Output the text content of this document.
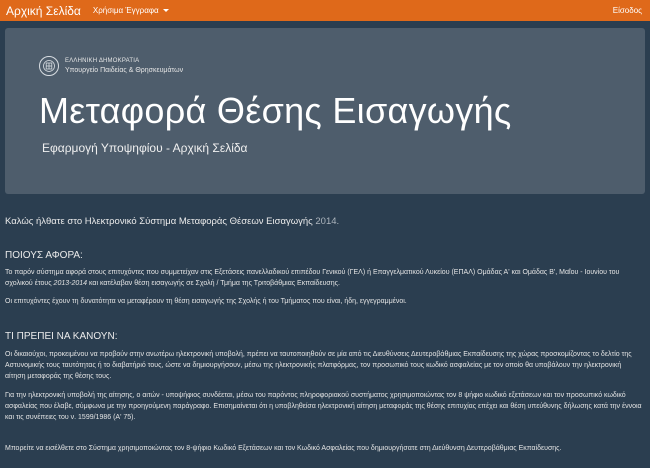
Αρχική Σελίδα Χρήσιμα Έγγραφα	Είσοδος
ΕΛΛΗΝΙΚΗ ΔΗΜΟΚΡΑΤΙΑ
Υπουργείο Παιδείας & Θρησκευμάτων
Μεταφορά Θέσης Εισαγωγής
Εφαρμογή Υποψηφίου - Αρχική Σελίδα
Καλώς ήλθατε στο Ηλεκτρονικό Σύστημα Μεταφοράς Θέσεων Εισαγωγής 2014.
ΠΟΙΟΥΣ ΑΦΟΡΑ:
Το παρόν σύστημα αφορά στους επιτυχόντες που συμμετείχαν στις Εξετάσεις πανελλαδικού επιπέδου Γενικού (ΓΕΛ) ή Επαγγελματικού Λυκείου (ΕΠΑΛ) Ομάδας Α' και Ομάδας Β', Μαΐου - Ιουνίου του σχολικού έτους 2013-2014 και κατέλαβαν θέση εισαγωγής σε Σχολή / Τμήμα της Τριτοβάθμιας Εκπαίδευσης.
Οι επιτυχόντες έχουν τη δυνατότητα να μεταφέρουν τη θέση εισαγωγής της Σχολής ή του Τμήματος που είναι, ήδη, εγγεγραμμένοι.
ΤΙ ΠΡΕΠΕΙ ΝΑ ΚΑΝΟΥΝ:
Οι δικαιούχοι, προκειμένου να προβούν στην ανωτέρω ηλεκτρονική υποβολή, πρέπει να ταυτοποιηθούν σε μία από τις Διευθύνσεις Δευτεροβάθμιας Εκπαίδευσης της χώρας προσκομίζοντας το δελτίο της Αστυνομικής τους ταυτότητας ή το διαβατήριό τους, ώστε να δημιουργήσουν, μέσω της ηλεκτρονικής πλατφόρμας, τον προσωπικό τους κωδικό ασφαλείας με τον οποίο θα υποβάλουν την ηλεκτρονική αίτηση μεταφοράς της θέσης τους.
Για την ηλεκτρονική υποβολή της αίτησης, ο αιτών - υποψήφιος συνδέεται, μέσω του παρόντος πληροφοριακού συστήματος χρησιμοποιώντας τον 8 ψήφιο κωδικό εξετάσεων και τον προσωπικό κωδικό ασφαλείας που έλαβε, σύμφωνα με την προηγούμενη παράγραφο. Επισημαίνεται ότι η υποβληθείσα ηλεκτρονική αίτηση μεταφοράς της θέσης επιτυχίας επέχει και θέση υπεύθυνης δήλωσης κατά την έννοια και τις συνέπειες του ν. 1599/1986 (Α' 75).
Μπορείτε να εισέλθετε στο Σύστημα χρησιμοποιώντας τον 8-ψήφιο Κωδικό Εξετάσεων και τον Κωδικό Ασφαλείας που δημιουργήσατε στη Διεύθυνση Δευτεροβάθμιας Εκπαίδευσης.
